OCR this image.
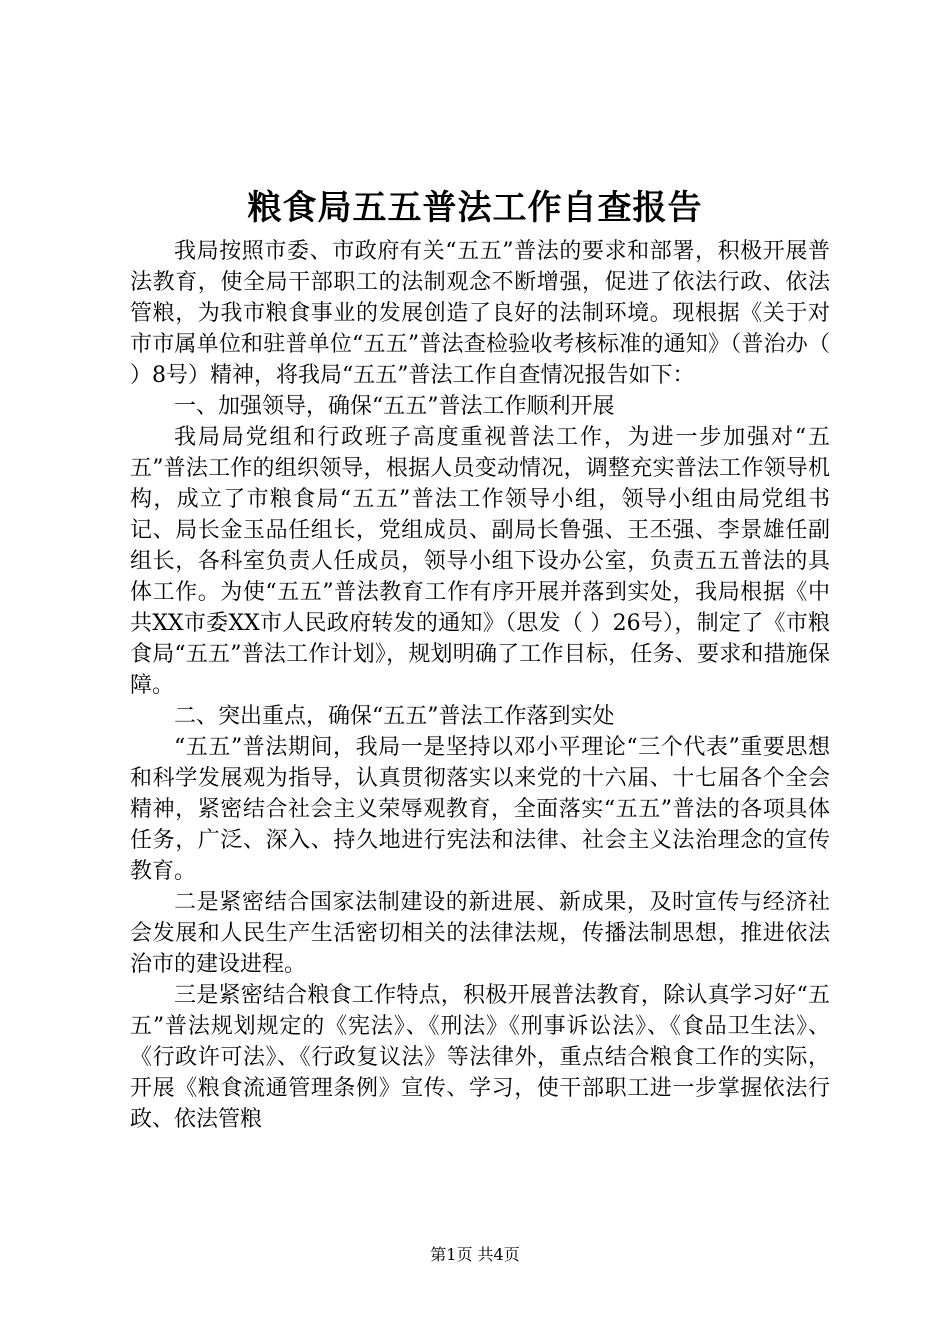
粮食局五五普法工作自查报告

我局按照市委、市政府有关“五五”普法的要求和部署，积极开展普法教育，使全局干部职工的法制观念不断增强，促进了依法行政、依法管粮，为我市粮食事业的发展创造了良好的法制环境。现根据《关于对市市属单位和驻普单位“五五”普法查检验收考核标准的通知》（普治办（ ）8号）精神，将我局“五五”普法工作自查情况报告如下：

一、加强领导，确保“五五”普法工作顺利开展

我局局党组和行政班子高度重视普法工作，为进一步加强对“五五”普法工作的组织领导，根据人员变动情况，调整充实普法工作领导机构，成立了市粮食局“五五”普法工作领导小组，领导小组由局党组书记、局长金玉品任组长，党组成员、副局长鲁强、王丕强、李景雄任副组长，各科室负责人任成员，领导小组下设办公室，负责五五普法的具体工作。为使“五五”普法教育工作有序开展并落到实处，我局根据《中共XX市委XX市人民政府转发的通知》（思发（ ）26号），制定了《市粮食局“五五”普法工作计划》，规划明确了工作目标，任务、要求和措施保障。

二、突出重点，确保“五五”普法工作落到实处

“五五”普法期间，我局一是坚持以邓小平理论“三个代表”重要思想和科学发展观为指导，认真贯彻落实以来党的十六届、十七届各个全会精神，紧密结合社会主义荣辱观教育，全面落实“五五”普法的各项具体任务，广泛、深入、持久地进行宪法和法律、社会主义法治理念的宣传教育。

二是紧密结合国家法制建设的新进展、新成果，及时宣传与经济社会发展和人民生产生活密切相关的法律法规，传播法制思想，推进依法治市的建设进程。

三是紧密结合粮食工作特点，积极开展普法教育，除认真学习好“五五”普法规划规定的《宪法》、《刑法》《刑事诉讼法》、《食品卫生法》、《行政许可法》、《行政复议法》等法律外，重点结合粮食工作的实际，开展《粮食流通管理条例》宣传、学习，使干部职工进一步掌握依法行政、依法管粮

第1页 共4页
